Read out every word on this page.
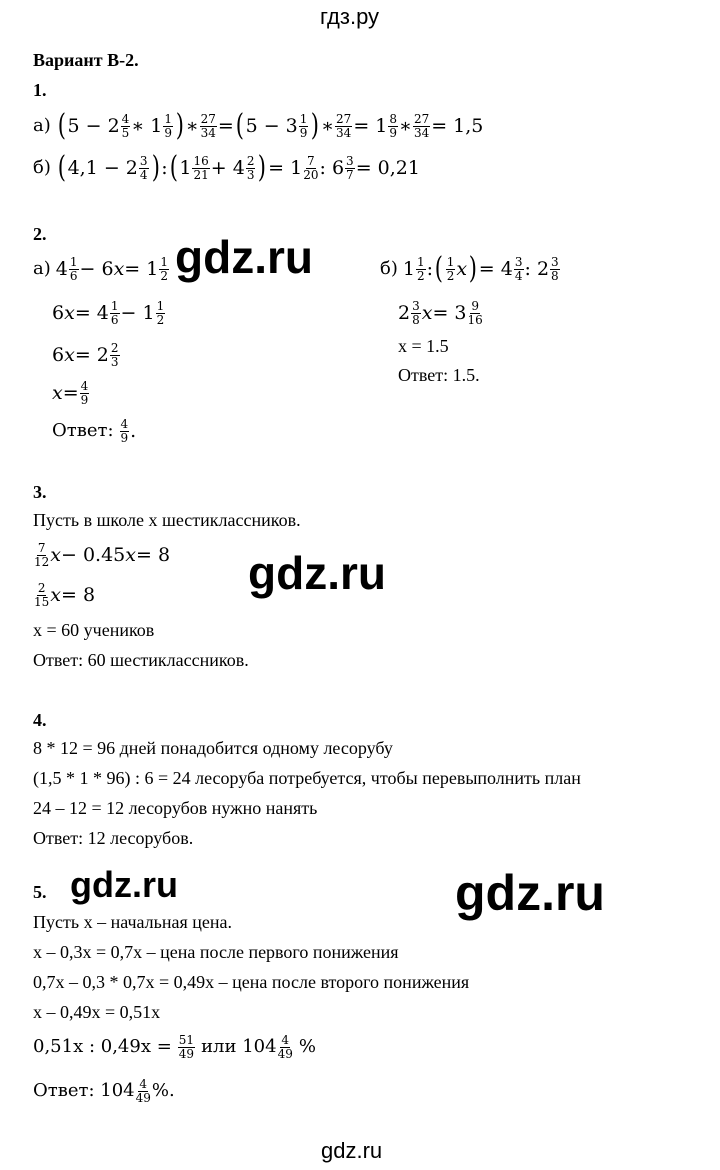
гдз.ру
gdz.ru
gdz.ru
gdz.ru
gdz.ru	gdz.ru
Вариант В-2.
1.
а) ( $5 - 2 \frac{4}{5}$ ∗ $1 \frac{1}{9}$ ) ∗ $\frac{27}{34}$ = ( $5 - 3 \frac{1}{9}$ ) ∗ $\frac{27}{34} = 1 \frac{8}{9}$ ∗ $\frac{27}{34} = 1,5$
б) ( $4,1 - 2 \frac{3}{4}$ ) : ( $1 \frac{16}{21} + 4 \frac{2}{3}$ ) = $1 \frac{7}{20}$ : $6 \frac{3}{7} = 0,21$
2.
а) $4 \frac{1}{6} - 6$ $x = 1 \frac{1}{2}$
6 $x = 4 \frac{1}{6} - 1 \frac{1}{2}$
6 $x = 2 \frac{2}{3}$
$x = \frac{4}{9}$
Ответ: $\frac{4}{9}$ .
б) $1 \frac{1}{2}$ : ( $\frac{1}{2}$ x ) = $4 \frac{3}{4}$ : $2 \frac{3}{8}$
$2 \frac{3}{8}$ $x = 3 \frac{9}{16}$
x = 1.5
Ответ: 1.5.
3.
Пусть в школе х шестиклассников.
$\frac{7}{12}$ x − 0.45 x = 8
$\frac{2}{15}$ x = 8
х = 60 учеников
Ответ: 60 шестиклассников.
4.
8 * 12 = 96 дней понадобится одному лесорубу
(1,5 * 1 * 96) : 6 = 24 лесоруба потребуется, чтобы перевыполнить план
24 – 12 = 12 лесорубов нужно нанять
Ответ: 12 лесорубов.
5.
Пусть х – начальная цена.
х – 0,3х = 0,7х – цена после первого понижения
0,7х – 0,3 * 0,7х = 0,49х – цена после второго понижения
х – 0,49х = 0,51х
0,51х : $0,49х = \frac{51}{49}$ или $104 \frac{4}{49}$ %
Ответ: $104 \frac{4}{49}$ %.
